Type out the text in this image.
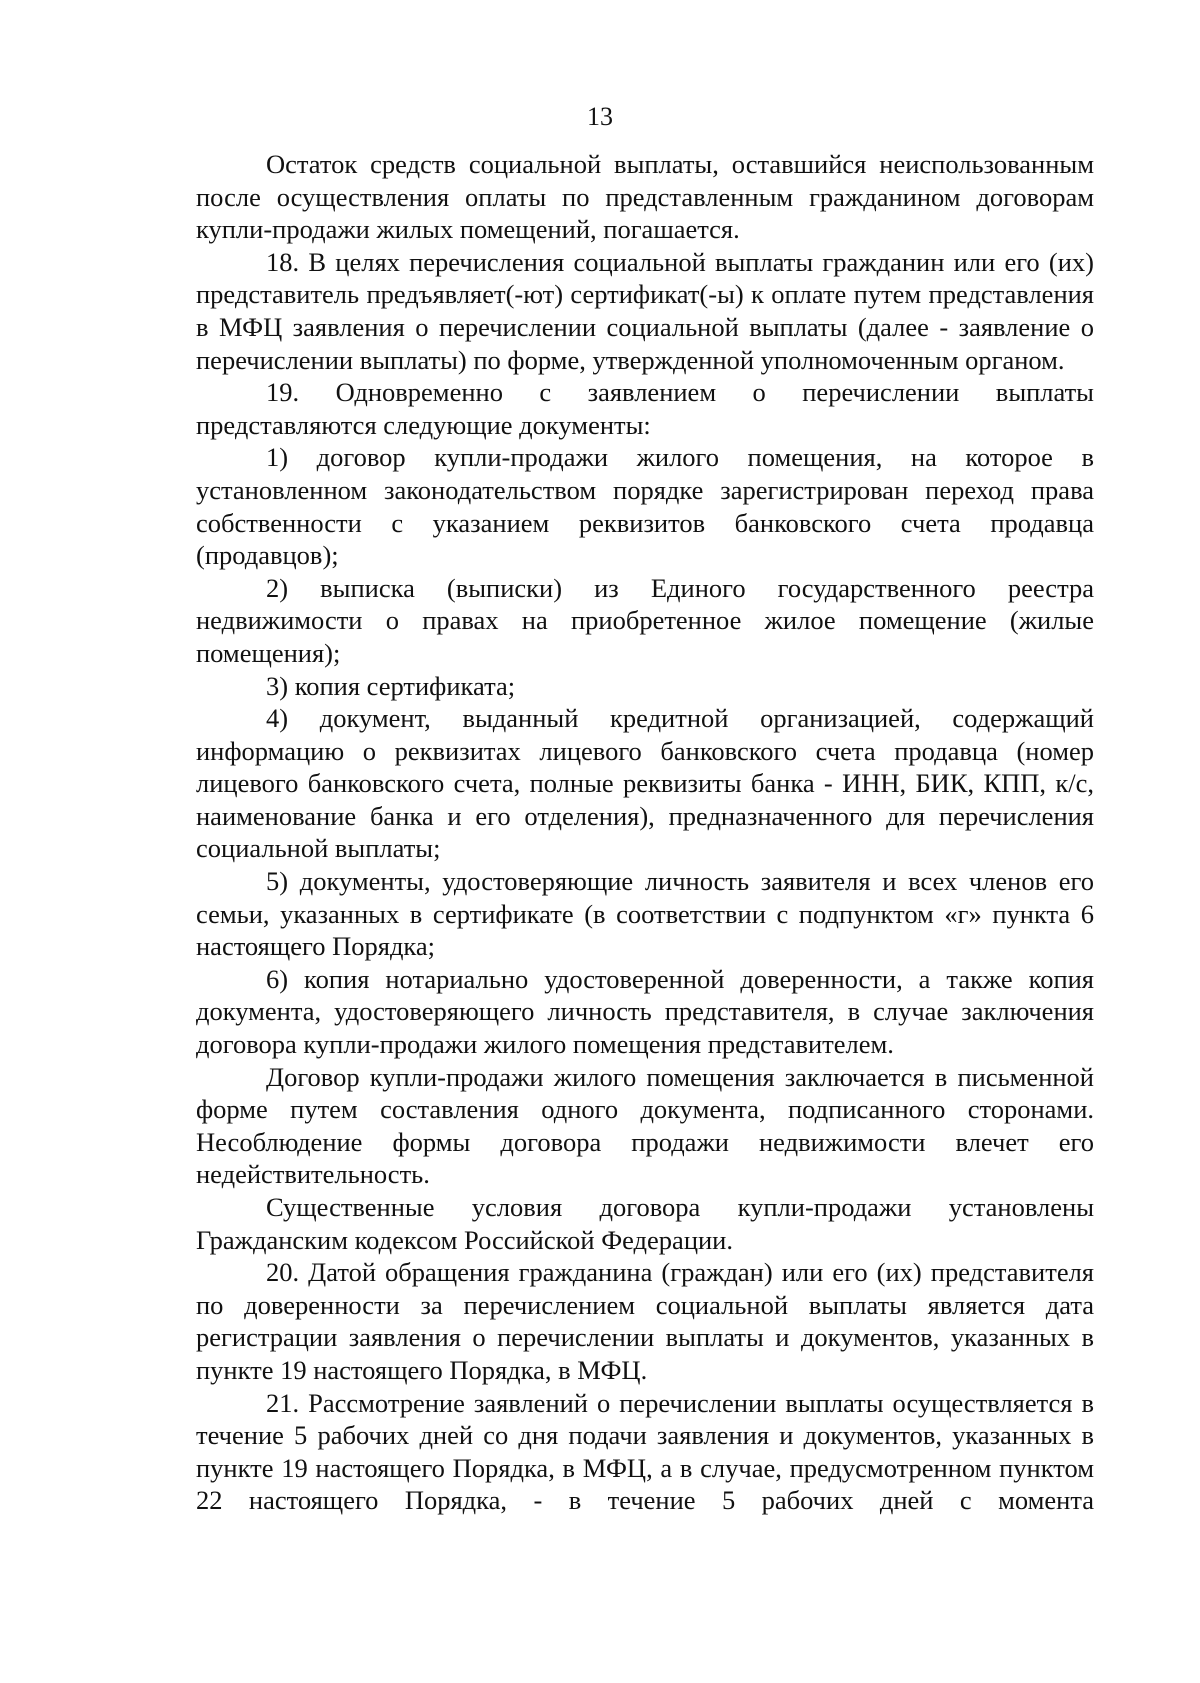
13

Остаток средств социальной выплаты, оставшийся неиспользованным после осуществления оплаты по представленным гражданином договорам купли-продажи жилых помещений, погашается.

18. В целях перечисления социальной выплаты гражданин или его (их) представитель предъявляет(-ют) сертификат(-ы) к оплате путем представления в МФЦ заявления о перечислении социальной выплаты (далее - заявление о перечислении выплаты) по форме, утвержденной уполномоченным органом.

19. Одновременно с заявлением о перечислении выплаты представляются следующие документы:

1) договор купли-продажи жилого помещения, на которое в установленном законодательством порядке зарегистрирован переход права собственности с указанием реквизитов банковского счета продавца (продавцов);

2) выписка (выписки) из Единого государственного реестра недвижимости о правах на приобретенное жилое помещение (жилые помещения);

3) копия сертификата;

4) документ, выданный кредитной организацией, содержащий информацию о реквизитах лицевого банковского счета продавца (номер лицевого банковского счета, полные реквизиты банка - ИНН, БИК, КПП, к/с, наименование банка и его отделения), предназначенного для перечисления социальной выплаты;

5) документы, удостоверяющие личность заявителя и всех членов его семьи, указанных в сертификате (в соответствии с подпунктом «г» пункта 6 настоящего Порядка;

6) копия нотариально удостоверенной доверенности, а также копия документа, удостоверяющего личность представителя, в случае заключения договора купли-продажи жилого помещения представителем.

Договор купли-продажи жилого помещения заключается в письменной форме путем составления одного документа, подписанного сторонами. Несоблюдение формы договора продажи недвижимости влечет его недействительность.

Существенные условия договора купли-продажи установлены Гражданским кодексом Российской Федерации.

20. Датой обращения гражданина (граждан) или его (их) представителя по доверенности за перечислением социальной выплаты является дата регистрации заявления о перечислении выплаты и документов, указанных в пункте 19 настоящего Порядка, в МФЦ.

21. Рассмотрение заявлений о перечислении выплаты осуществляется в течение 5 рабочих дней со дня подачи заявления и документов, указанных в пункте 19 настоящего Порядка, в МФЦ, а в случае, предусмотренном пунктом 22 настоящего Порядка, - в течение 5 рабочих дней с момента
